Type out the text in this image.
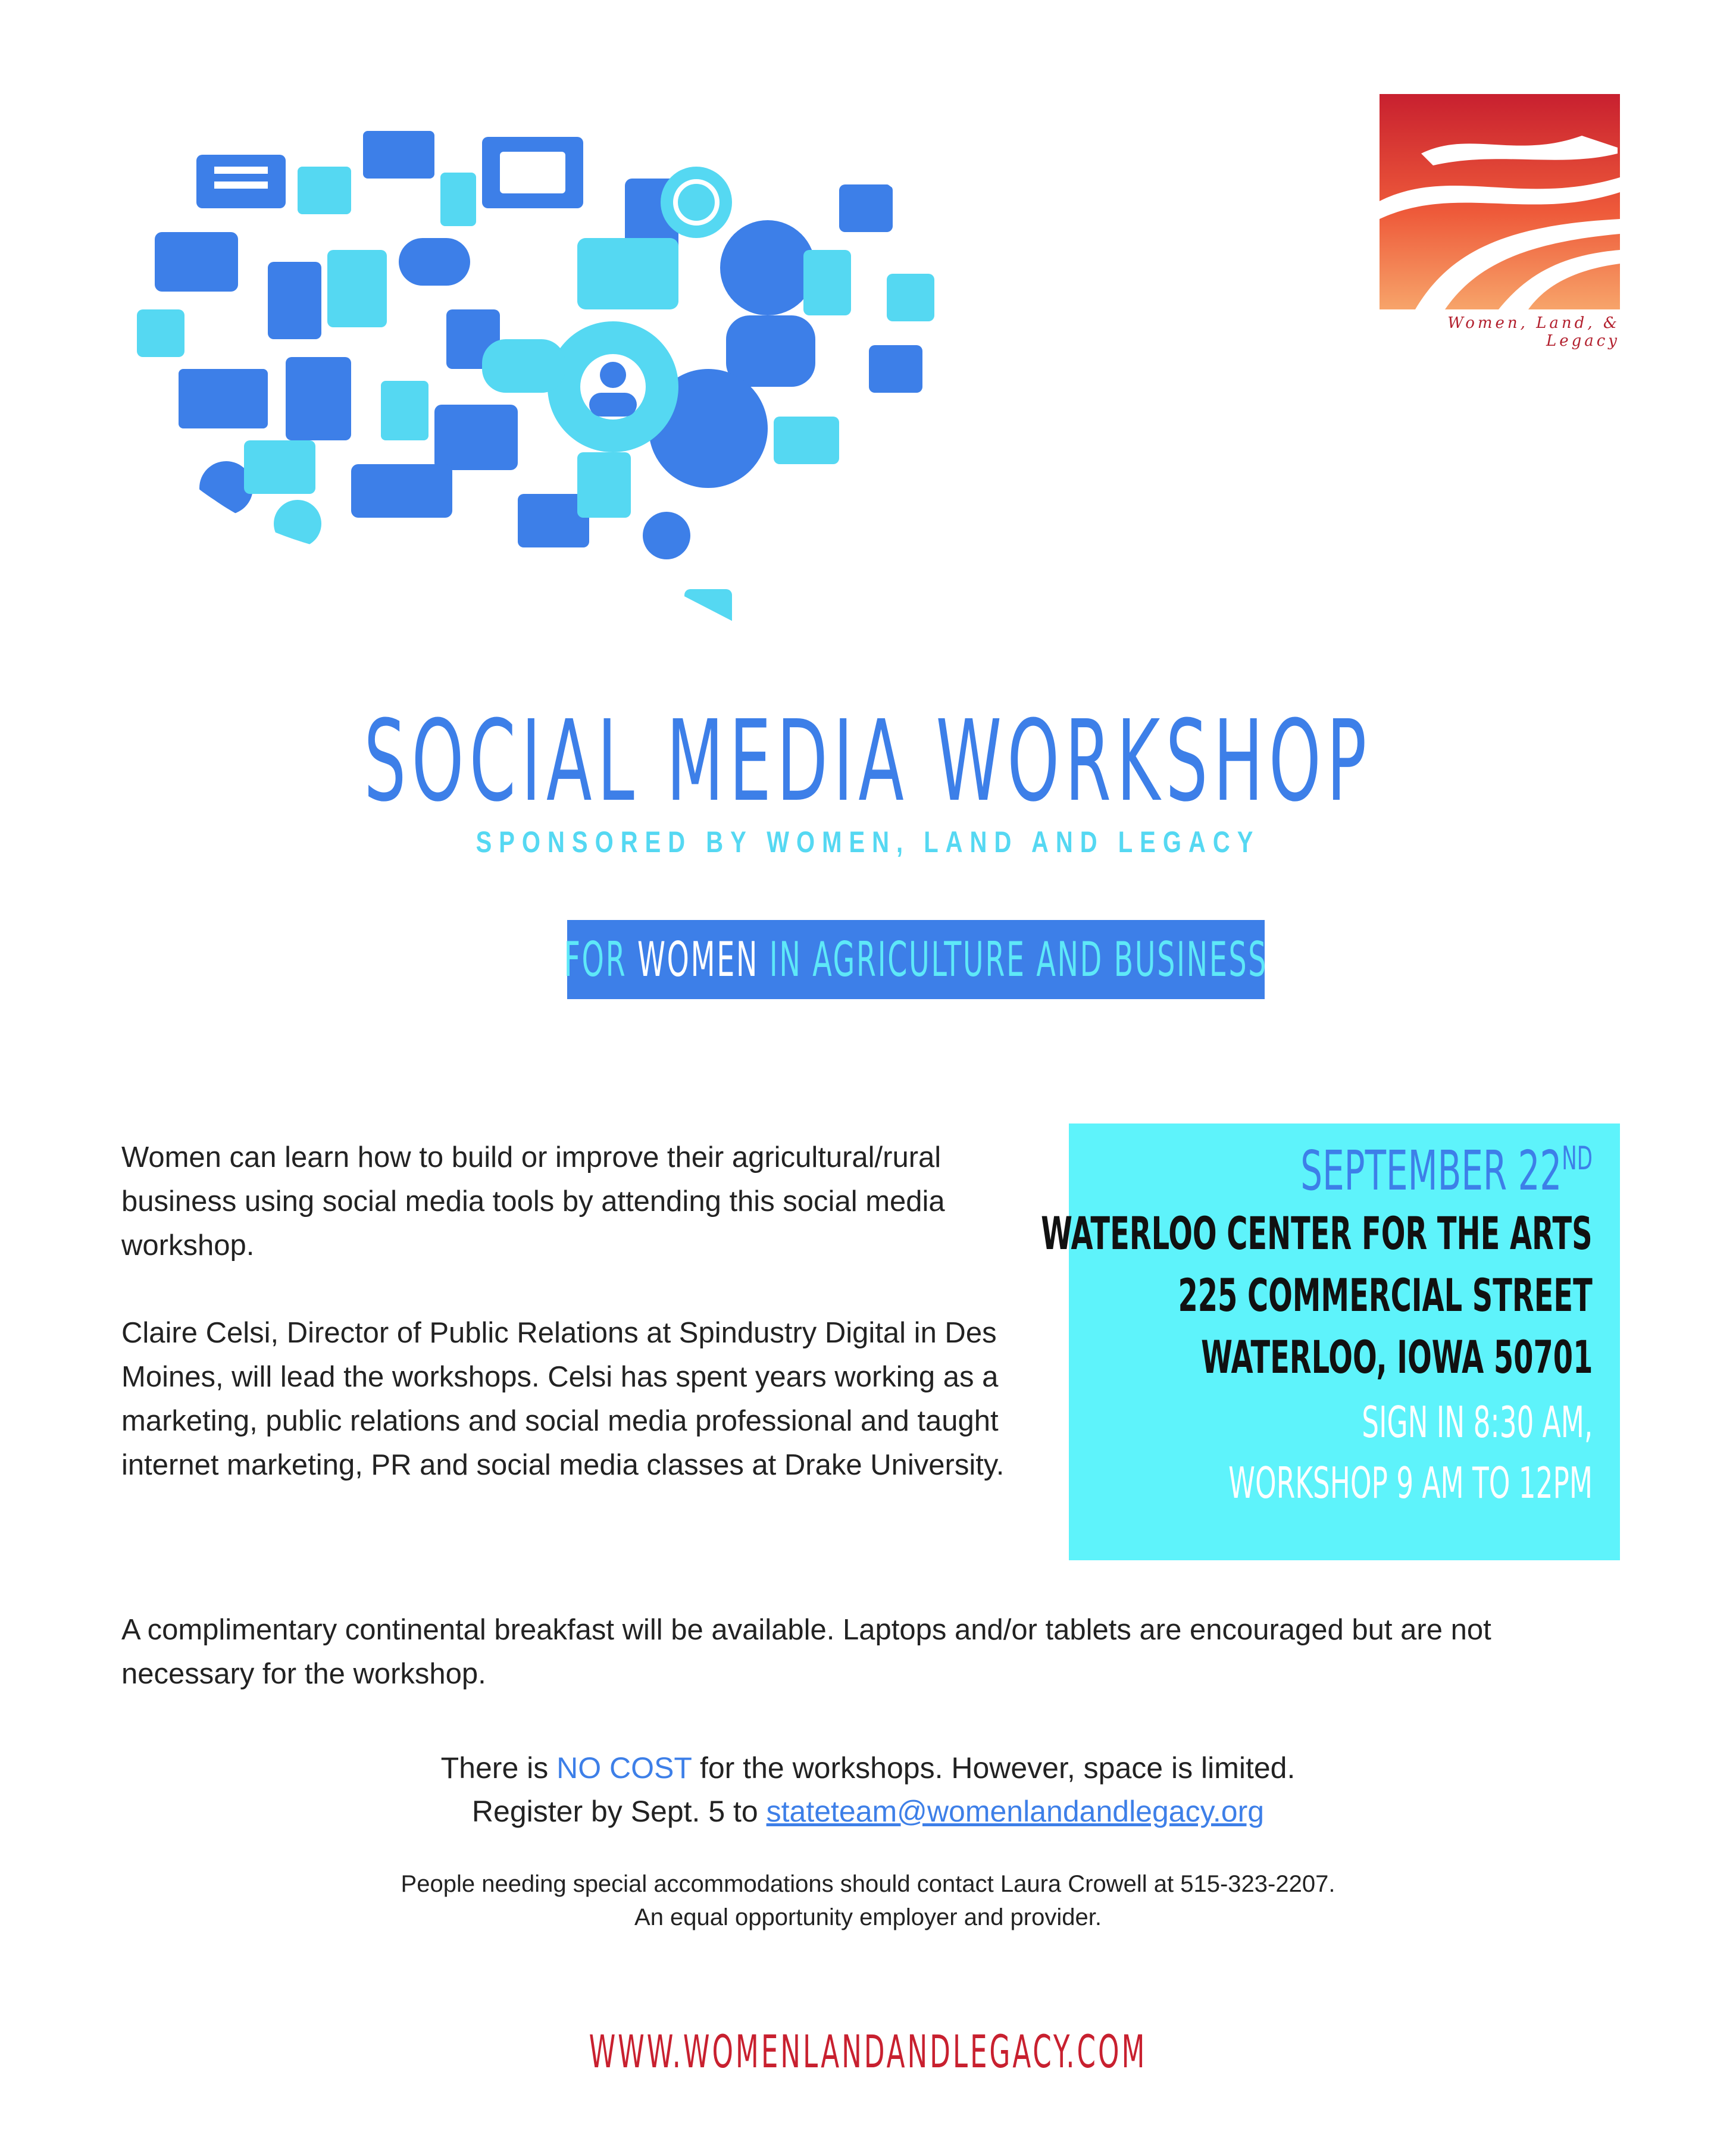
Women, Land, & Legacy
SOCIAL MEDIA WORKSHOP
SPONSORED BY WOMEN, LAND AND LEGACY
FOR WOMEN IN AGRICULTURE AND BUSINESS
Women can learn how to build or improve their agricultural/rural business using social media tools by attending this social media workshop.
Claire Celsi, Director of Public Relations at Spindustry Digital in Des Moines, will lead the workshops. Celsi has spent years working as a marketing, public relations and social media professional and taught internet marketing, PR and social media classes at Drake University.
A complimentary continental breakfast will be available. Laptops and/or tablets are encouraged but are not necessary for the workshop.
SEPTEMBER 22ND
WATERLOO CENTER FOR THE ARTS
225 COMMERCIAL STREET
WATERLOO, IOWA 50701
SIGN IN 8:30 AM,
WORKSHOP 9 AM TO 12PM
There is NO COST for the workshops. However, space is limited.
Register by Sept. 5 to stateteam@womenlandandlegacy.org
People needing special accommodations should contact Laura Crowell at 515-323-2207.
An equal opportunity employer and provider.
WWW.WOMENLANDANDLEGACY.COM
